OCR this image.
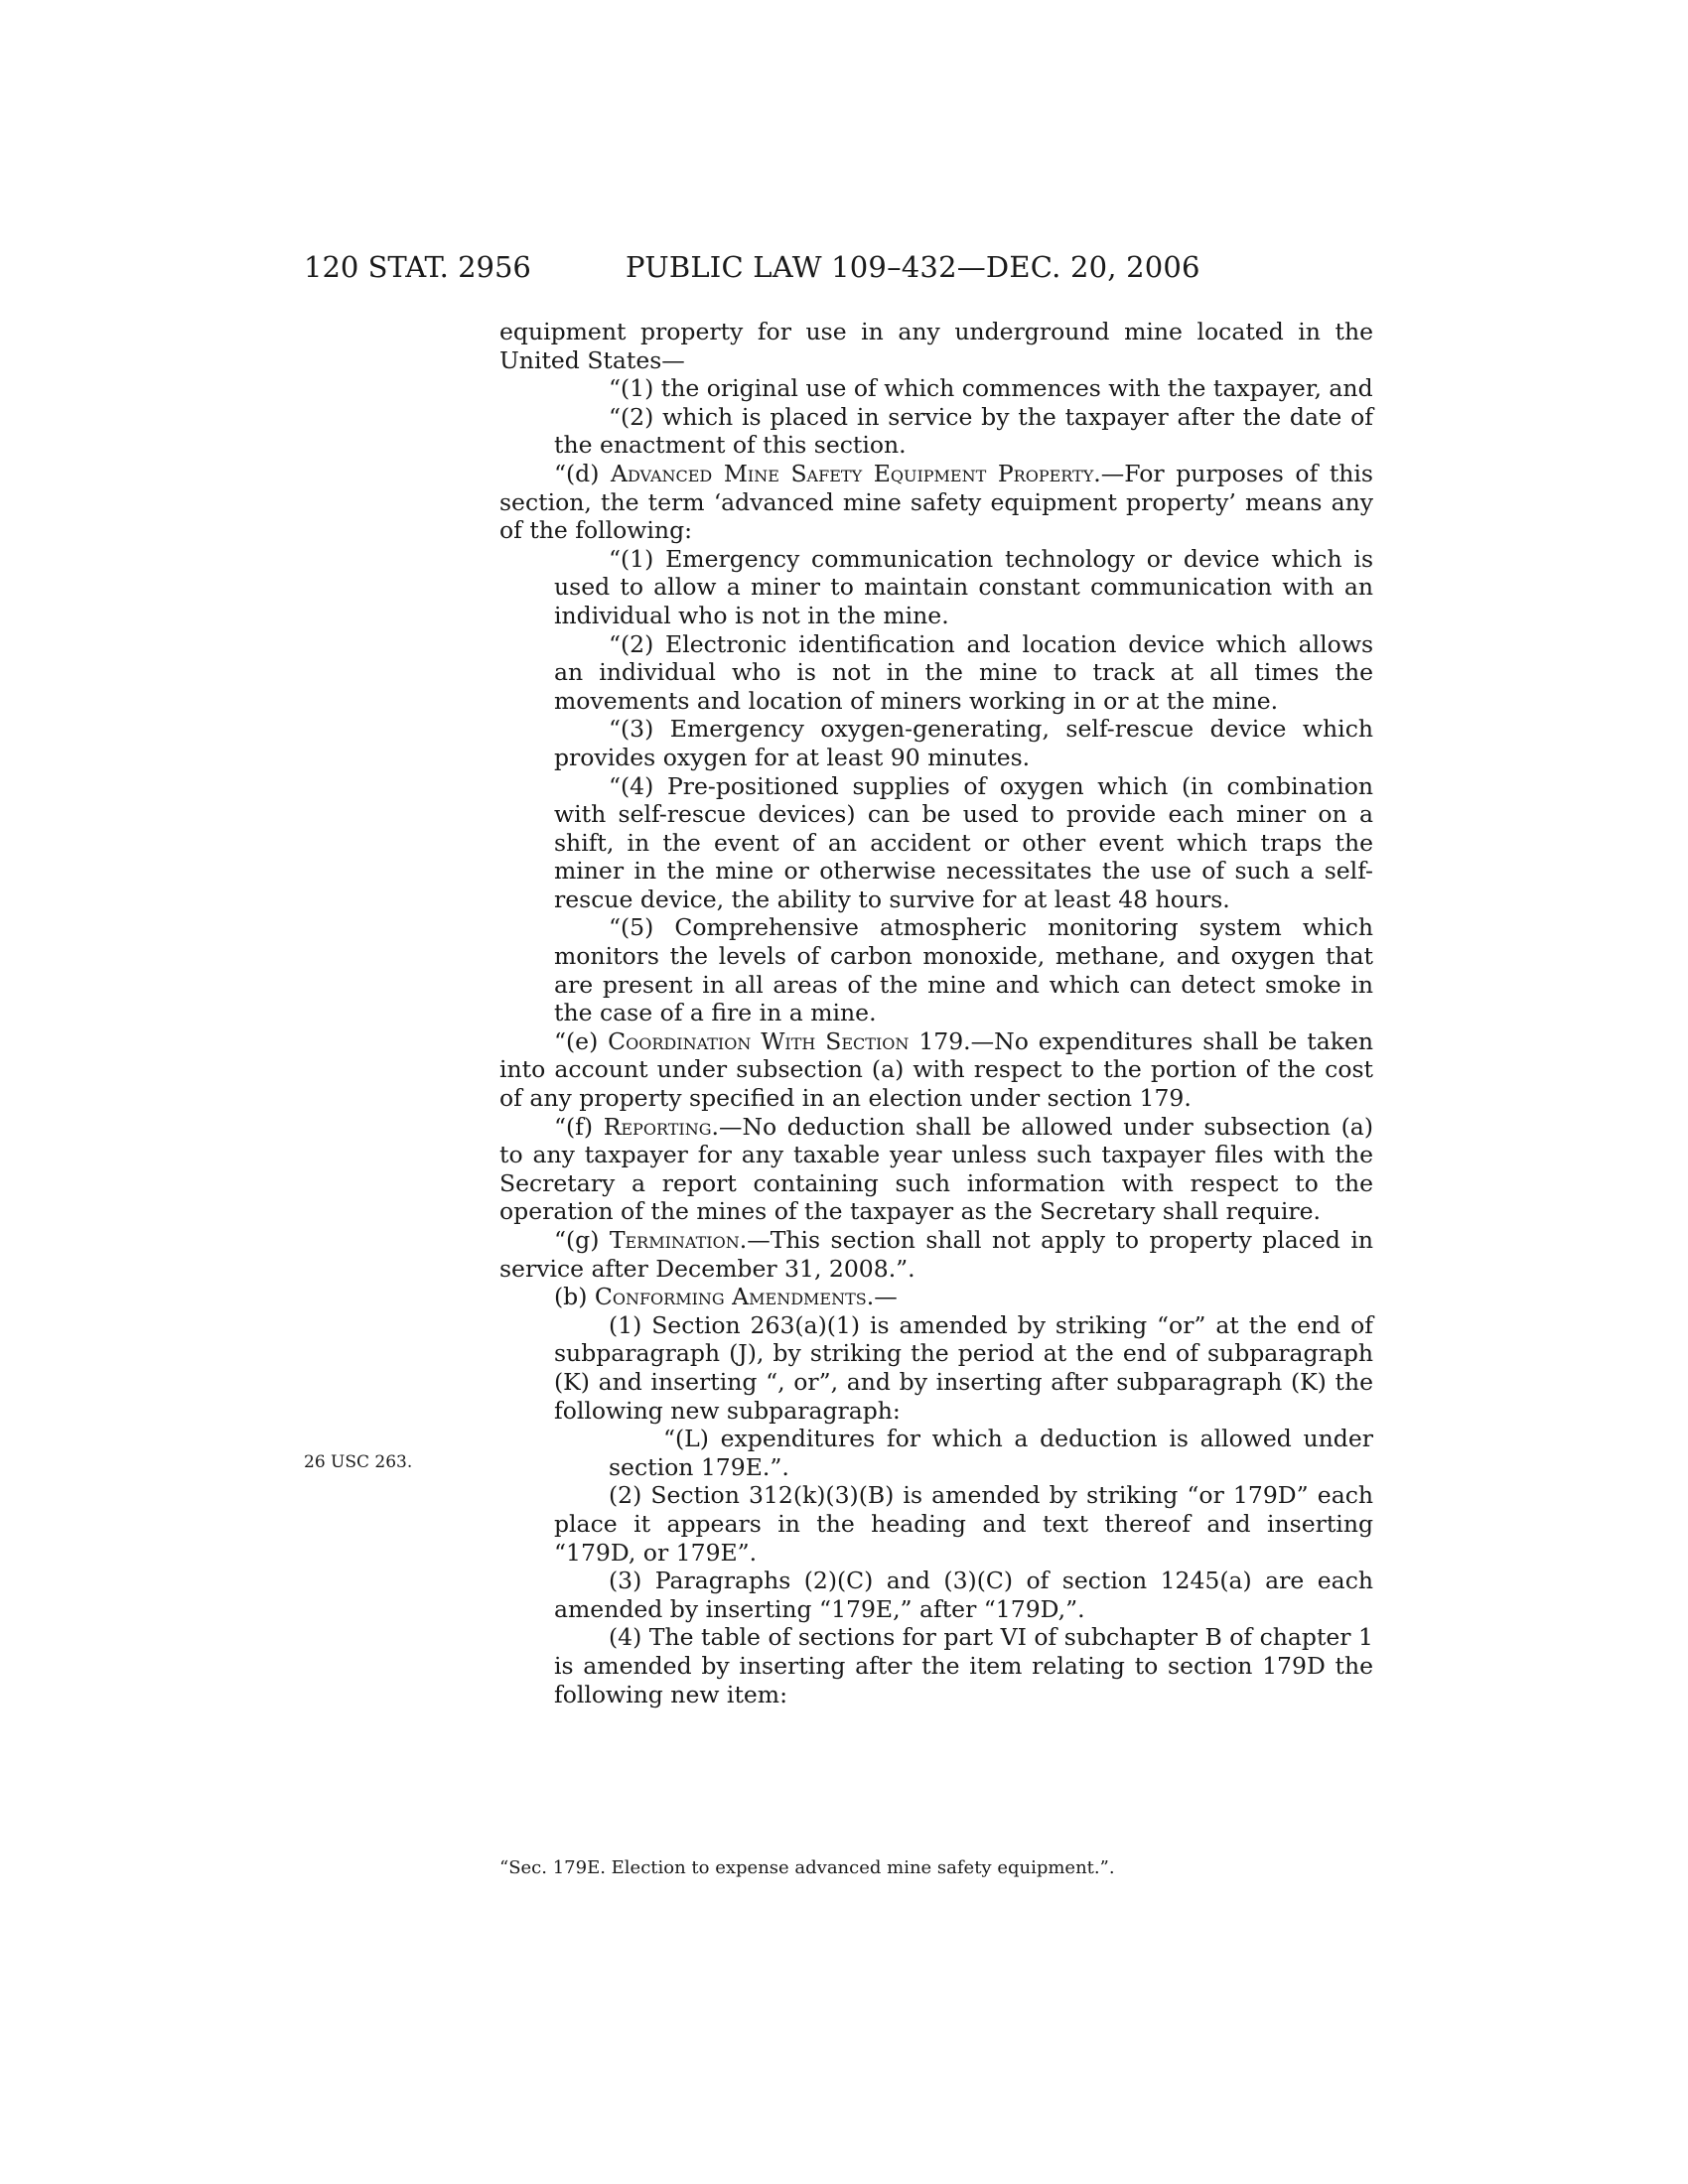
120 STAT. 2956	PUBLIC LAW 109–432—DEC. 20, 2006
26 USC 263.

equipment property for use in any underground mine located in the United States—

“(1) the original use of which commences with the taxpayer, and

“(2) which is placed in service by the taxpayer after the date of the enactment of this section.

“(d) Advanced Mine Safety Equipment Property.—For purposes of this section, the term ‘advanced mine safety equipment property’ means any of the following:

“(1) Emergency communication technology or device which is used to allow a miner to maintain constant communication with an individual who is not in the mine.

“(2) Electronic identification and location device which allows an individual who is not in the mine to track at all times the movements and location of miners working in or at the mine.

“(3) Emergency oxygen-generating, self-rescue device which provides oxygen for at least 90 minutes.

“(4) Pre-positioned supplies of oxygen which (in combination with self-rescue devices) can be used to provide each miner on a shift, in the event of an accident or other event which traps the miner in the mine or otherwise necessitates the use of such a self-rescue device, the ability to survive for at least 48 hours.

“(5) Comprehensive atmospheric monitoring system which monitors the levels of carbon monoxide, methane, and oxygen that are present in all areas of the mine and which can detect smoke in the case of a fire in a mine.

“(e) Coordination With Section 179.—No expenditures shall be taken into account under subsection (a) with respect to the portion of the cost of any property specified in an election under section 179.

“(f) Reporting.—No deduction shall be allowed under subsection (a) to any taxpayer for any taxable year unless such taxpayer files with the Secretary a report containing such information with respect to the operation of the mines of the taxpayer as the Secretary shall require.

“(g) Termination.—This section shall not apply to property placed in service after December 31, 2008.”.

(b) Conforming Amendments.—

(1) Section 263(a)(1) is amended by striking “or” at the end of subparagraph (J), by striking the period at the end of subparagraph (K) and inserting “, or”, and by inserting after subparagraph (K) the following new subparagraph:

“(L) expenditures for which a deduction is allowed under section 179E.”.

(2) Section 312(k)(3)(B) is amended by striking “or 179D” each place it appears in the heading and text thereof and inserting “179D, or 179E”.

(3) Paragraphs (2)(C) and (3)(C) of section 1245(a) are each amended by inserting “179E,” after “179D,”.

(4) The table of sections for part VI of subchapter B of chapter 1 is amended by inserting after the item relating to section 179D the following new item:

“Sec. 179E. Election to expense advanced mine safety equipment.”.
